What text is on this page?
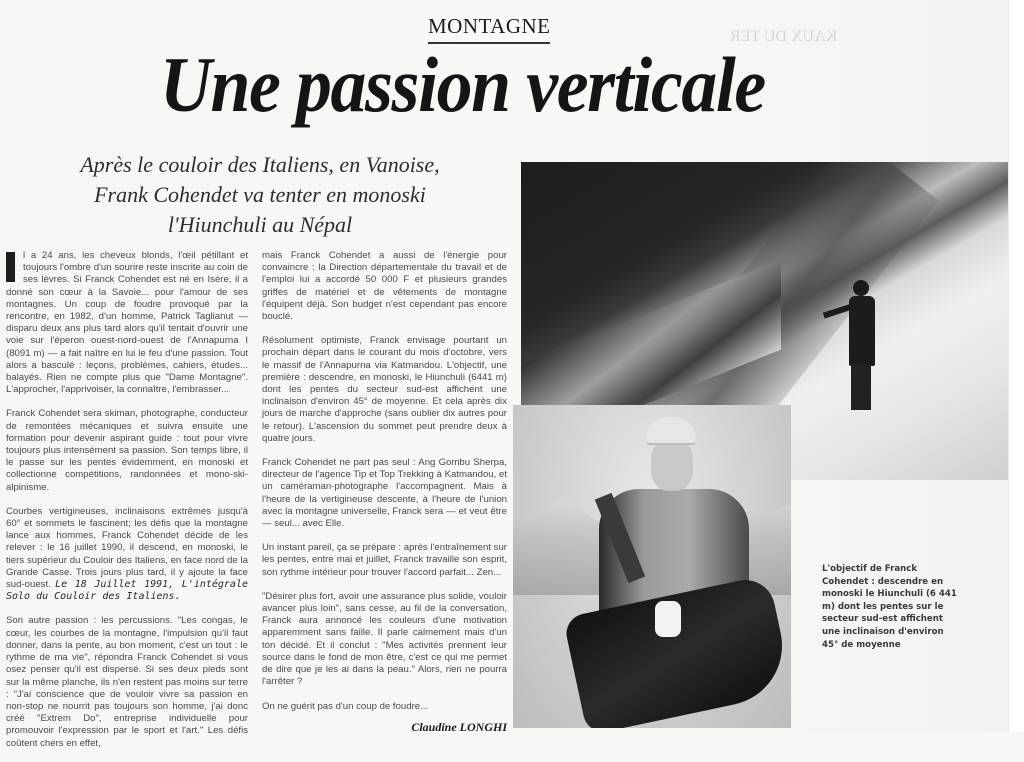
KAUX DU TER
MONTAGNE
Une passion verticale
Après le couloir des Italiens, en Vanoise,
Frank Cohendet va tenter en monoski
l'Hiunchuli au Népal

l a 24 ans, les cheveux blonds, l'œil pétillant et toujours l'ombre d'un sourire reste inscrite au coin de ses lèvres. Si Franck Cohendet est né en Isère, il a donné son cœur à la Savoie... pour l'amour de ses montagnes. Un coup de foudre provoqué par la rencontre, en 1982, d'un homme, Patrick Taglianut — disparu deux ans plus tard alors qu'il tentait d'ouvrir une voie sur l'éperon ouest-nord-ouest de l'Annapurna I (8091 m) — a fait naître en lui le feu d'une passion. Tout alors a basculé : leçons, problèmes, cahiers, études... balayés. Rien ne compte plus que "Dame Montagne". L'approcher, l'apprivoiser, la connaître, l'embrasser...

Franck Cohendet sera skiman, photographe, conducteur de remontées mécaniques et suivra ensuite une formation pour devenir aspirant guide : tout pour vivre toujours plus intensément sa passion. Son temps libre, il le passe sur les pentes évidemment, en monoski et collectionne compétitions, randonnées et mono-ski-alpinisme.

Courbes vertigineuses, inclinaisons extrêmes jusqu'à 60° et sommets le fascinent; les défis que la montagne lance aux hommes, Franck Cohendet décide de les relever : le 16 juillet 1990, il descend, en monoski, le tiers supérieur du Couloir des Italiens, en face nord de la Grande Casse. Trois jours plus tard, il y ajoute la face sud-ouest. Le 18 Juillet 1991, L'intégrale Solo du Couloir des Italiens.

Son autre passion : les percussions. "Les congas, le cœur, les courbes de la montagne, l'impulsion qu'il faut donner, dans la pente, au bon moment, c'est un tout : le rythme de ma vie", répondra Franck Cohendet si vous osez penser qu'il est dispersé. Si ses deux pieds sont sur la même planche, ils n'en restent pas moins sur terre : "J'ai conscience que de vouloir vivre sa passion en non-stop ne nourrit pas toujours son homme, j'ai donc créé "Extrem Do", entreprise individuelle pour promouvoir l'expression par le sport et l'art." Les défis coûtent chers en effet,

mais Franck Cohendet a aussi de l'énergie pour convaincre : la Direction départementale du travail et de l'emploi lui a accordé 50 000 F et plusieurs grandes griffes de matériel et de vêtements de montagne l'équipent déjà. Son budget n'est cependant pas encore bouclé.

Résolument optimiste, Franck envisage pourtant un prochain départ dans le courant du mois d'octobre, vers le massif de l'Annapurna via Katmandou. L'objectif, une première : descendre, en monoski, le Hiunchuli (6441 m) dont les pentes du secteur sud-est affichent une inclinaison d'environ 45° de moyenne. Et cela après dix jours de marche d'approche (sans oublier dix autres pour le retour). L'ascension du sommet peut prendre deux à quatre jours.

Franck Cohendet ne part pas seul : Ang Gombu Sherpa, directeur de l'agence Tip et Top Trekking à Katmandou, et un caméraman-photographe l'accompagnent. Mais à l'heure de la vertigineuse descente, à l'heure de l'union avec la montagne universelle, Franck sera — et veut être — seul... avec Elle.

Un instant pareil, ça se prépare : après l'entraînement sur les pentes, entre mai et juillet, Franck travaille son esprit, son rythme intérieur pour trouver l'accord parfait... Zen...

"Désirer plus fort, avoir une assurance plus solide, vouloir avancer plus loin", sans cesse, au fil de la conversation, Franck aura annoncé les couleurs d'une motivation apparemment sans faille. Il parle calmement mais d'un ton décidé. Et il conclut : "Mes activités prennent leur source dans le fond de mon être, c'est ce qui me permet de dire que je les ai dans la peau." Alors, rien ne pourra l'arrêter ?

On ne guérit pas d'un coup de foudre...

Claudine LONGHI
L'objectif de Franck Cohendet : descendre en monoski le Hiunchuli (6 441 m) dont les pentes sur le secteur sud-est affichent une inclinaison d'environ 45° de moyenne
